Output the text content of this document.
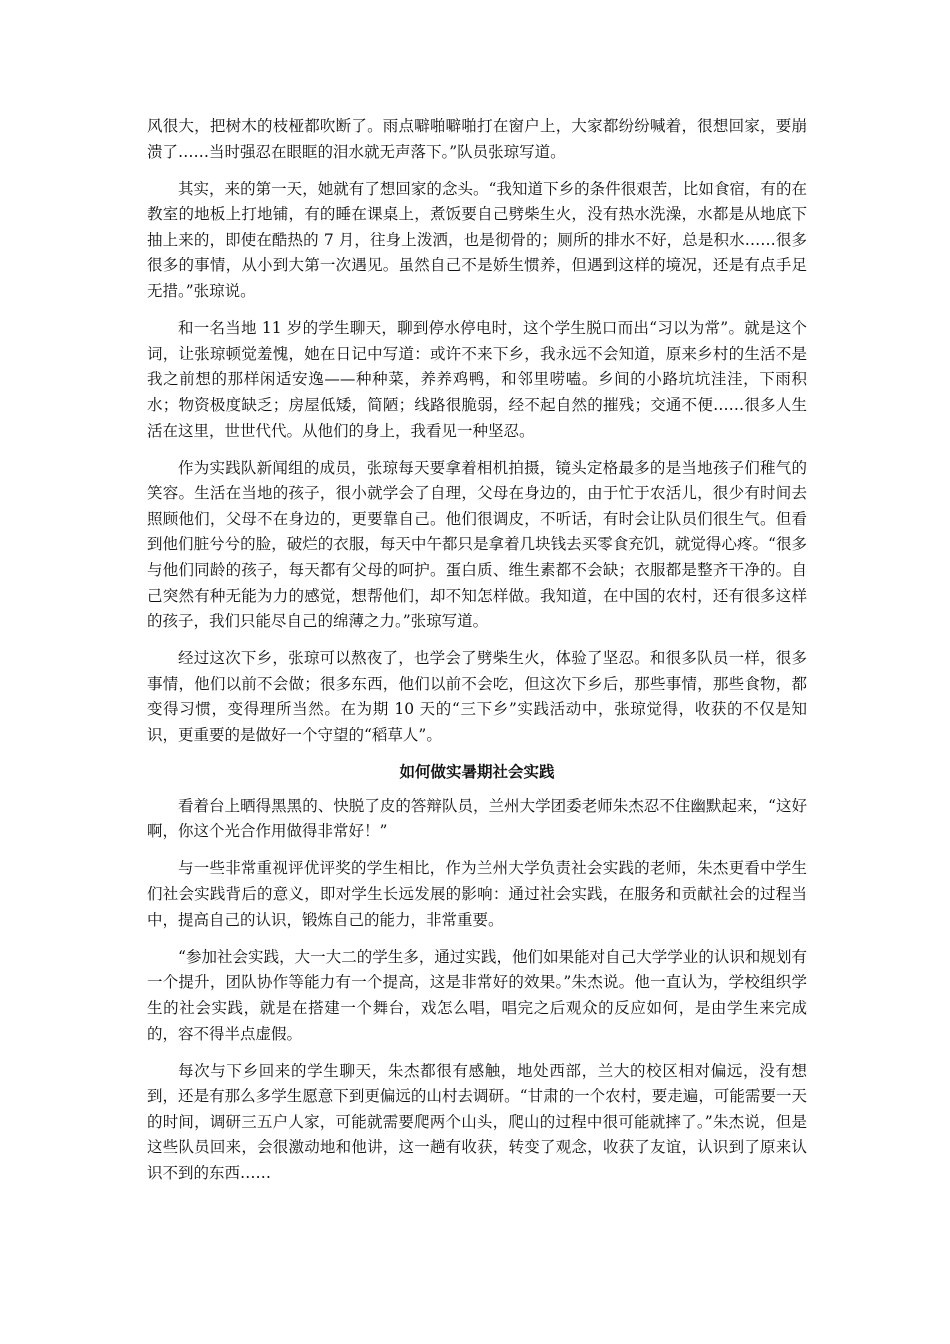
风很大，把树木的枝桠都吹断了。雨点噼啪噼啪打在窗户上，大家都纷纷喊着，很想回家，要崩溃了……当时强忍在眼眶的泪水就无声落下。”队员张琼写道。

其实，来的第一天，她就有了想回家的念头。“我知道下乡的条件很艰苦，比如食宿，有的在教室的地板上打地铺，有的睡在课桌上，煮饭要自己劈柴生火，没有热水洗澡，水都是从地底下抽上来的，即使在酷热的 7 月，往身上泼洒，也是彻骨的；厕所的排水不好，总是积水……很多很多的事情，从小到大第一次遇见。虽然自己不是娇生惯养，但遇到这样的境况，还是有点手足无措。”张琼说。

和一名当地 11 岁的学生聊天，聊到停水停电时，这个学生脱口而出“习以为常”。就是这个词，让张琼顿觉羞愧，她在日记中写道：或许不来下乡，我永远不会知道，原来乡村的生活不是我之前想的那样闲适安逸——种种菜，养养鸡鸭，和邻里唠嗑。乡间的小路坑坑洼洼，下雨积水；物资极度缺乏；房屋低矮，简陋；线路很脆弱，经不起自然的摧残；交通不便……很多人生活在这里，世世代代。从他们的身上，我看见一种坚忍。

作为实践队新闻组的成员，张琼每天要拿着相机拍摄，镜头定格最多的是当地孩子们稚气的笑容。生活在当地的孩子，很小就学会了自理，父母在身边的，由于忙于农活儿，很少有时间去照顾他们，父母不在身边的，更要靠自己。他们很调皮，不听话，有时会让队员们很生气。但看到他们脏兮兮的脸，破烂的衣服，每天中午都只是拿着几块钱去买零食充饥，就觉得心疼。“很多与他们同龄的孩子，每天都有父母的呵护。蛋白质、维生素都不会缺；衣服都是整齐干净的。自己突然有种无能为力的感觉，想帮他们，却不知怎样做。我知道，在中国的农村，还有很多这样的孩子，我们只能尽自己的绵薄之力。”张琼写道。

经过这次下乡，张琼可以熬夜了，也学会了劈柴生火，体验了坚忍。和很多队员一样，很多事情，他们以前不会做；很多东西，他们以前不会吃，但这次下乡后，那些事情，那些食物，都变得习惯，变得理所当然。在为期 10 天的“三下乡”实践活动中，张琼觉得，收获的不仅是知识，更重要的是做好一个守望的“稻草人”。

如何做实暑期社会实践

看着台上晒得黑黑的、快脱了皮的答辩队员，兰州大学团委老师朱杰忍不住幽默起来，“这好啊，你这个光合作用做得非常好！”

与一些非常重视评优评奖的学生相比，作为兰州大学负责社会实践的老师，朱杰更看中学生们社会实践背后的意义，即对学生长远发展的影响：通过社会实践，在服务和贡献社会的过程当中，提高自己的认识，锻炼自己的能力，非常重要。

“参加社会实践，大一大二的学生多，通过实践，他们如果能对自己大学学业的认识和规划有一个提升，团队协作等能力有一个提高，这是非常好的效果。”朱杰说。他一直认为，学校组织学生的社会实践，就是在搭建一个舞台，戏怎么唱，唱完之后观众的反应如何，是由学生来完成的，容不得半点虚假。

每次与下乡回来的学生聊天，朱杰都很有感触，地处西部，兰大的校区相对偏远，没有想到，还是有那么多学生愿意下到更偏远的山村去调研。“甘肃的一个农村，要走遍，可能需要一天的时间，调研三五户人家，可能就需要爬两个山头，爬山的过程中很可能就摔了。”朱杰说，但是这些队员回来，会很激动地和他讲，这一趟有收获，转变了观念，收获了友谊，认识到了原来认识不到的东西……
